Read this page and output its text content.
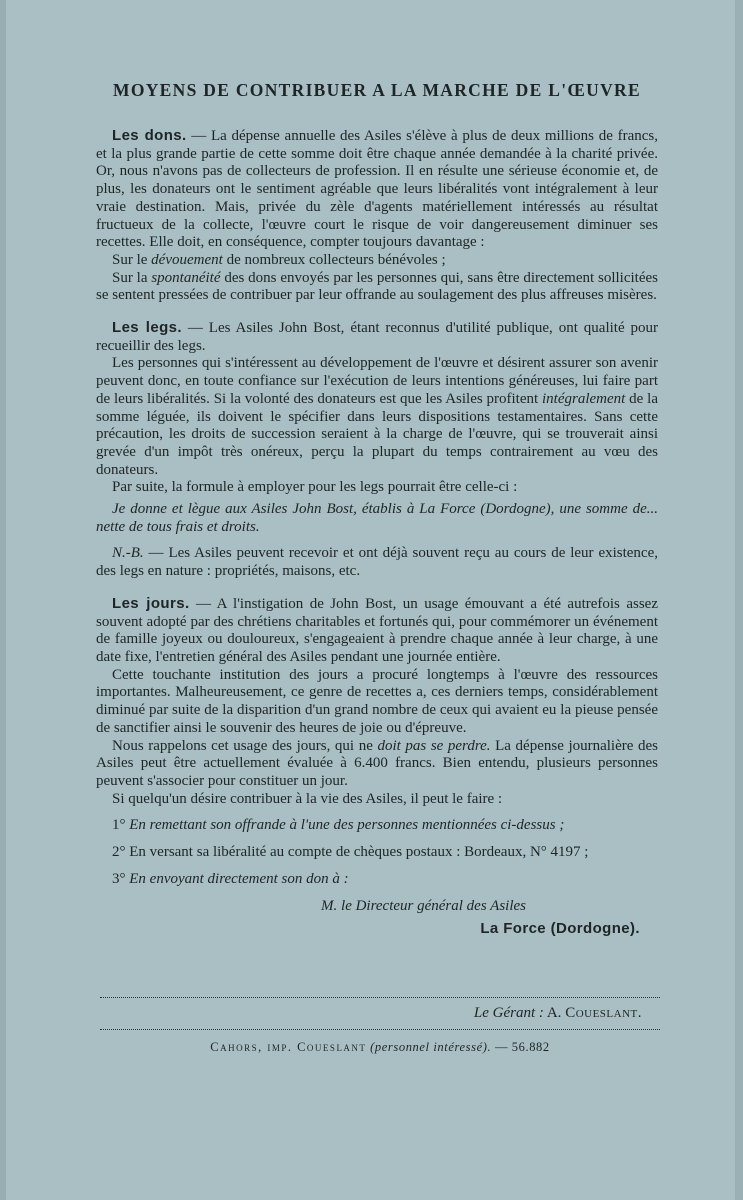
MOYENS DE CONTRIBUER A LA MARCHE DE L'ŒUVRE

Les dons. — La dépense annuelle des Asiles s'élève à plus de deux millions de francs, et la plus grande partie de cette somme doit être chaque année demandée à la charité privée. Or, nous n'avons pas de collecteurs de profession. Il en résulte une sérieuse économie et, de plus, les donateurs ont le sentiment agréable que leurs libéralités vont intégralement à leur vraie destination. Mais, privée du zèle d'agents matériellement intéressés au résultat fructueux de la collecte, l'œuvre court le risque de voir dangereusement diminuer ses recettes. Elle doit, en conséquence, compter toujours davantage :

Sur le dévouement de nombreux collecteurs bénévoles ;

Sur la spontanéité des dons envoyés par les personnes qui, sans être directement sollicitées se sentent pressées de contribuer par leur offrande au soulagement des plus affreuses misères.

Les legs. — Les Asiles John Bost, étant reconnus d'utilité publique, ont qualité pour recueillir des legs.

Les personnes qui s'intéressent au développement de l'œuvre et désirent assurer son avenir peuvent donc, en toute confiance sur l'exécution de leurs intentions généreuses, lui faire part de leurs libéralités. Si la volonté des donateurs est que les Asiles profitent intégralement de la somme léguée, ils doivent le spécifier dans leurs dispositions testamentaires. Sans cette précaution, les droits de succession seraient à la charge de l'œuvre, qui se trouverait ainsi grevée d'un impôt très onéreux, perçu la plupart du temps contrairement au vœu des donateurs.

Par suite, la formule à employer pour les legs pourrait être celle-ci :

Je donne et lègue aux Asiles John Bost, établis à La Force (Dordogne), une somme de... nette de tous frais et droits.

N.-B. — Les Asiles peuvent recevoir et ont déjà souvent reçu au cours de leur existence, des legs en nature : propriétés, maisons, etc.

Les jours. — A l'instigation de John Bost, un usage émouvant a été autrefois assez souvent adopté par des chrétiens charitables et fortunés qui, pour commémorer un événement de famille joyeux ou douloureux, s'engageaient à prendre chaque année à leur charge, à une date fixe, l'entretien général des Asiles pendant une journée entière.

Cette touchante institution des jours a procuré longtemps à l'œuvre des ressources importantes. Malheureusement, ce genre de recettes a, ces derniers temps, considérablement diminué par suite de la disparition d'un grand nombre de ceux qui avaient eu la pieuse pensée de sanctifier ainsi le souvenir des heures de joie ou d'épreuve.

Nous rappelons cet usage des jours, qui ne doit pas se perdre. La dépense journalière des Asiles peut être actuellement évaluée à 6.400 francs. Bien entendu, plusieurs personnes peuvent s'associer pour constituer un jour.

Si quelqu'un désire contribuer à la vie des Asiles, il peut le faire :

1° En remettant son offrande à l'une des personnes mentionnées ci-dessus ;

2° En versant sa libéralité au compte de chèques postaux : Bordeaux, N° 4197 ;

3° En envoyant directement son don à :

M. le Directeur général des Asiles

La Force (Dordogne).

Le Gérant : A. Coueslant.
Cahors, imp. Coueslant (personnel intéressé). — 56.882
